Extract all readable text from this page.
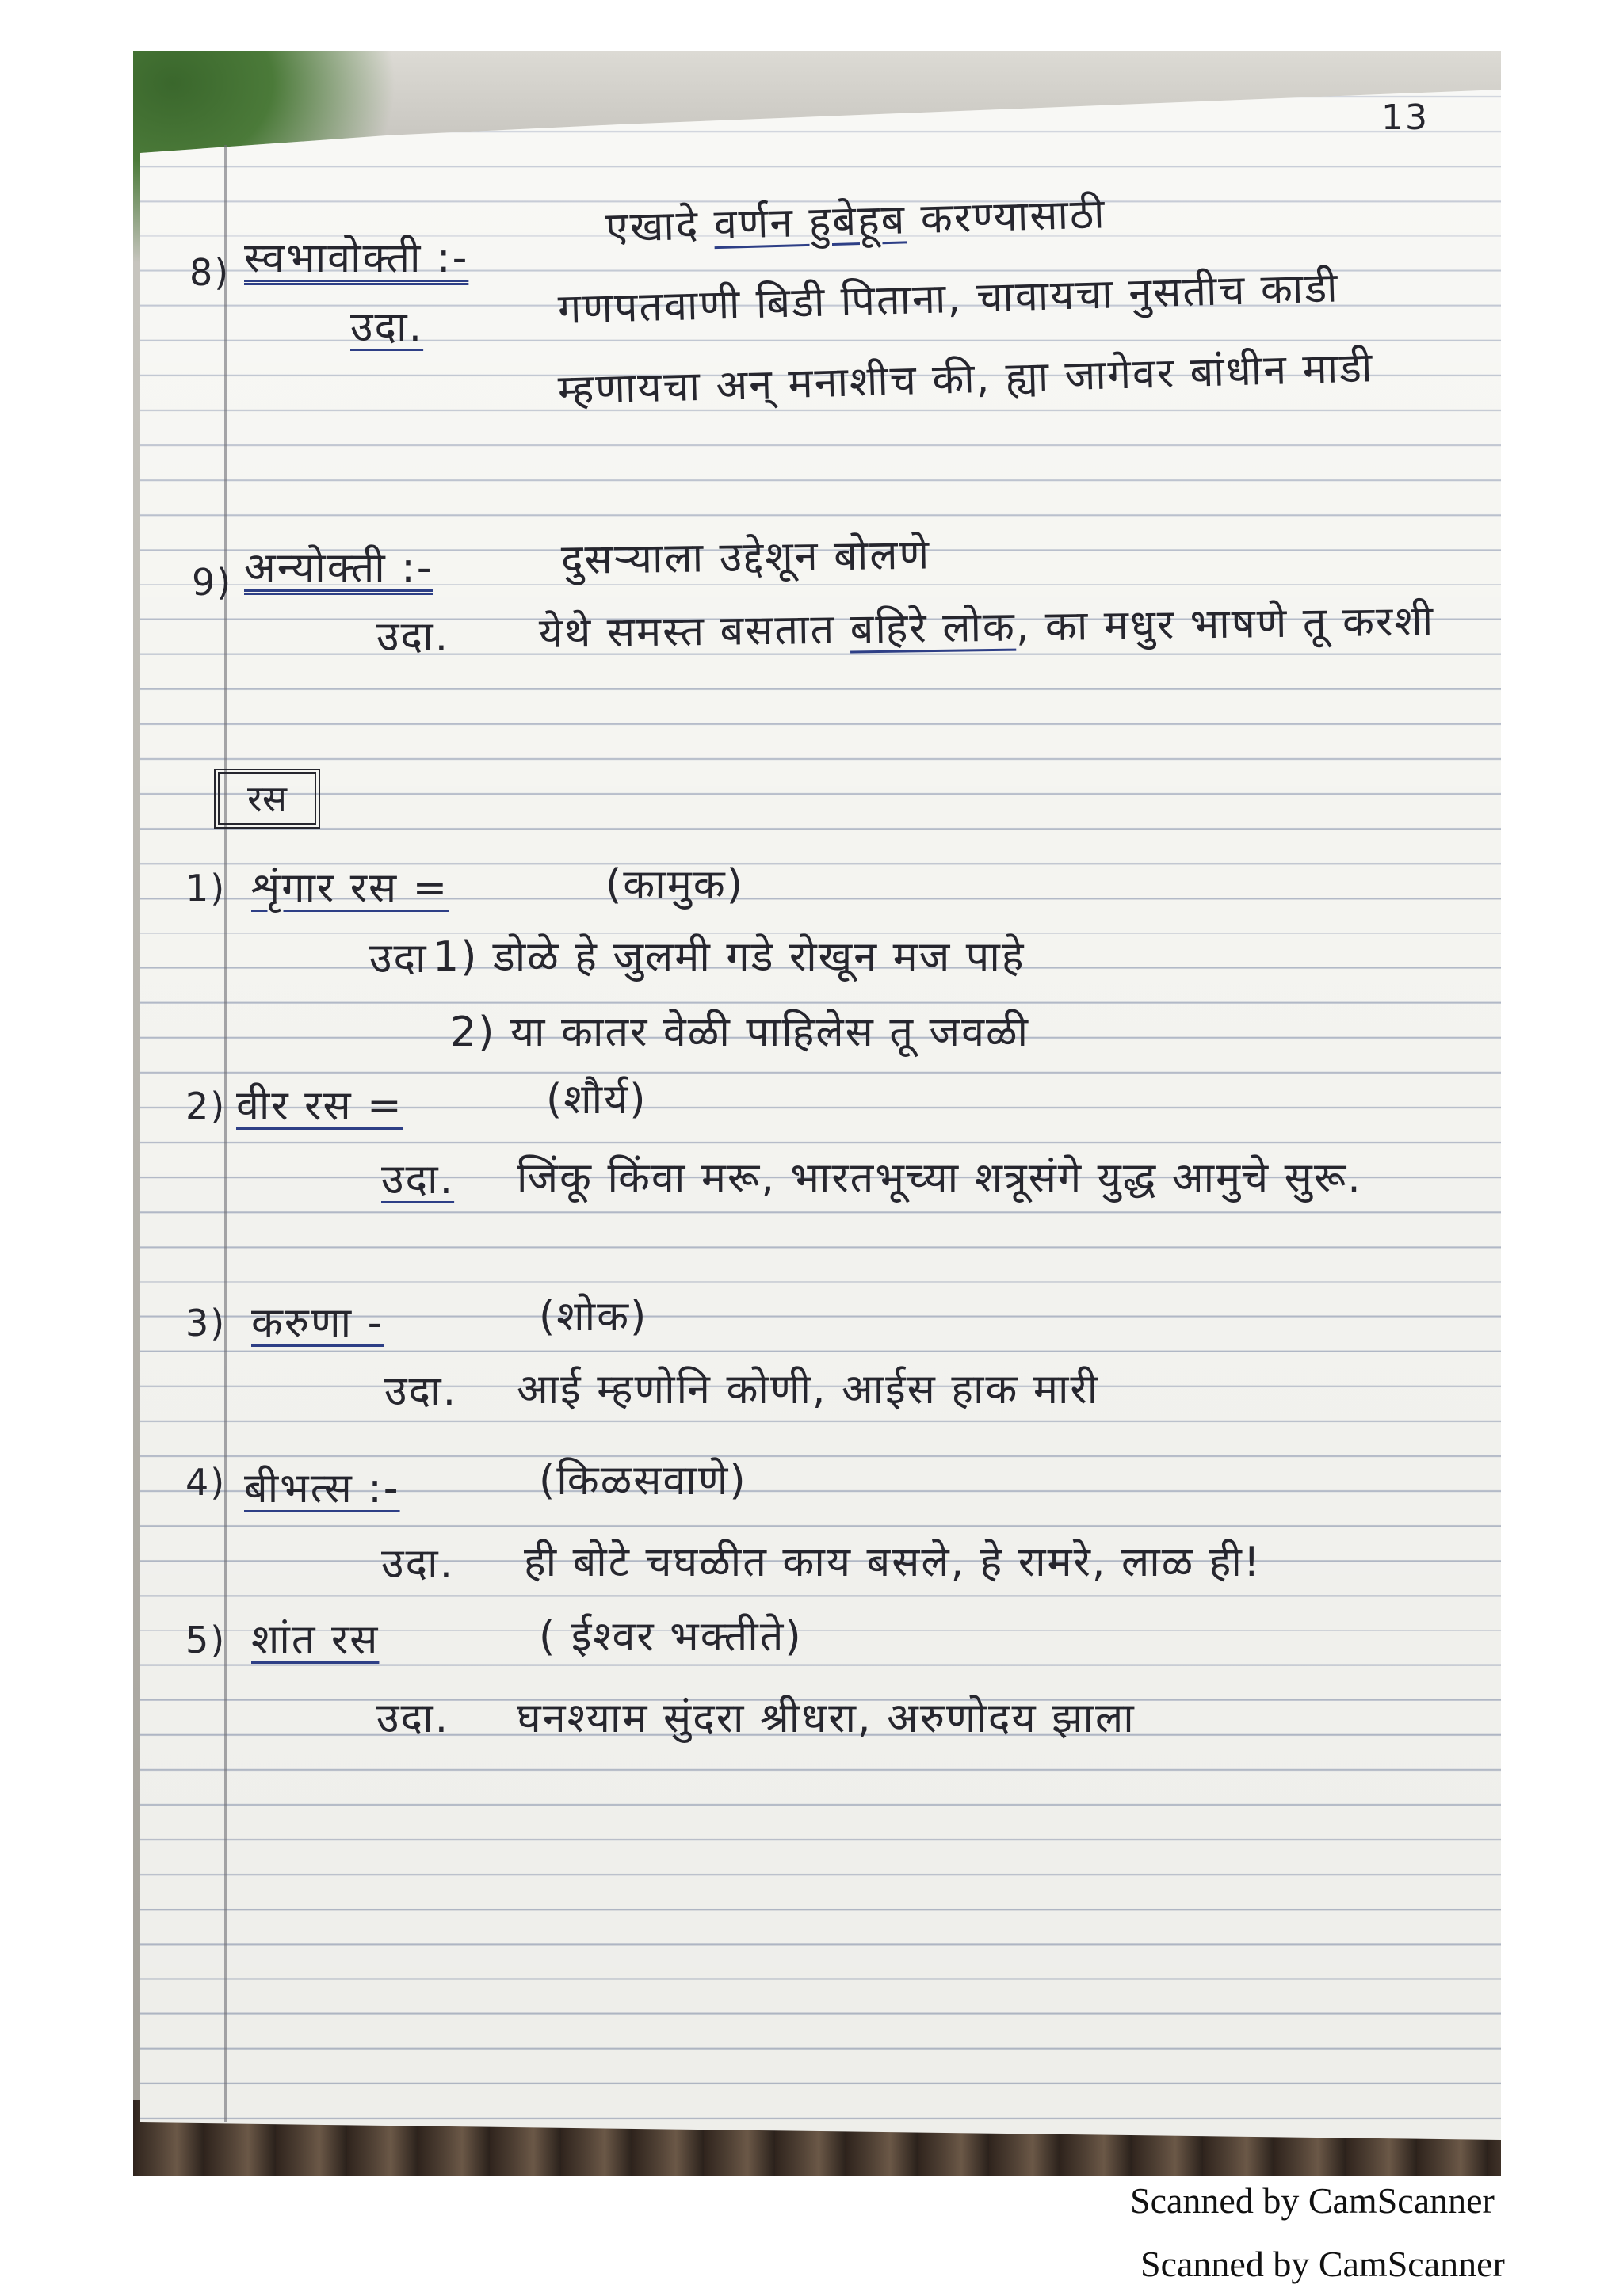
13
8) स्वभावोक्ती :-
एखादे वर्णन हुबेहूब करण्यासाठी
उदा.	गणपतवाणी बिडी पिताना, चावायचा नुसतीच काडी
म्हणायचा अन् मनाशीच की, ह्या जागेवर बांधीन माडी
9) अन्योक्ती :-	दुसऱ्याला उद्देशून बोलणे
उदा. येथे समस्त बसतात बहिरे लोक, का मधुर भाषणे तू करशी
रस
1) शृंगार रस =	(कामुक)
उदा 1) डोळे हे जुलमी गडे रोखून मज पाहे
2) या कातर वेळी पाहिलेस तू जवळी
2) वीर रस =	(शौर्य)
उदा. जिंकू किंवा मरू, भारतभूच्या शत्रूसंगे युद्ध आमुचे सुरू.
3) करुणा -	(शोक)
उदा. आई म्हणोनि कोणी, आईस हाक मारी
4) बीभत्स :-	(किळसवाणे)
उदा. ही बोटे चघळीत काय बसले, हे रामरे, लाळ ही!
5) शांत रस	( ईश्वर भक्तीते)
उदा. घनश्याम सुंदरा श्रीधरा, अरुणोदय झाला
Scanned by CamScanner
Scanned by CamScanner
